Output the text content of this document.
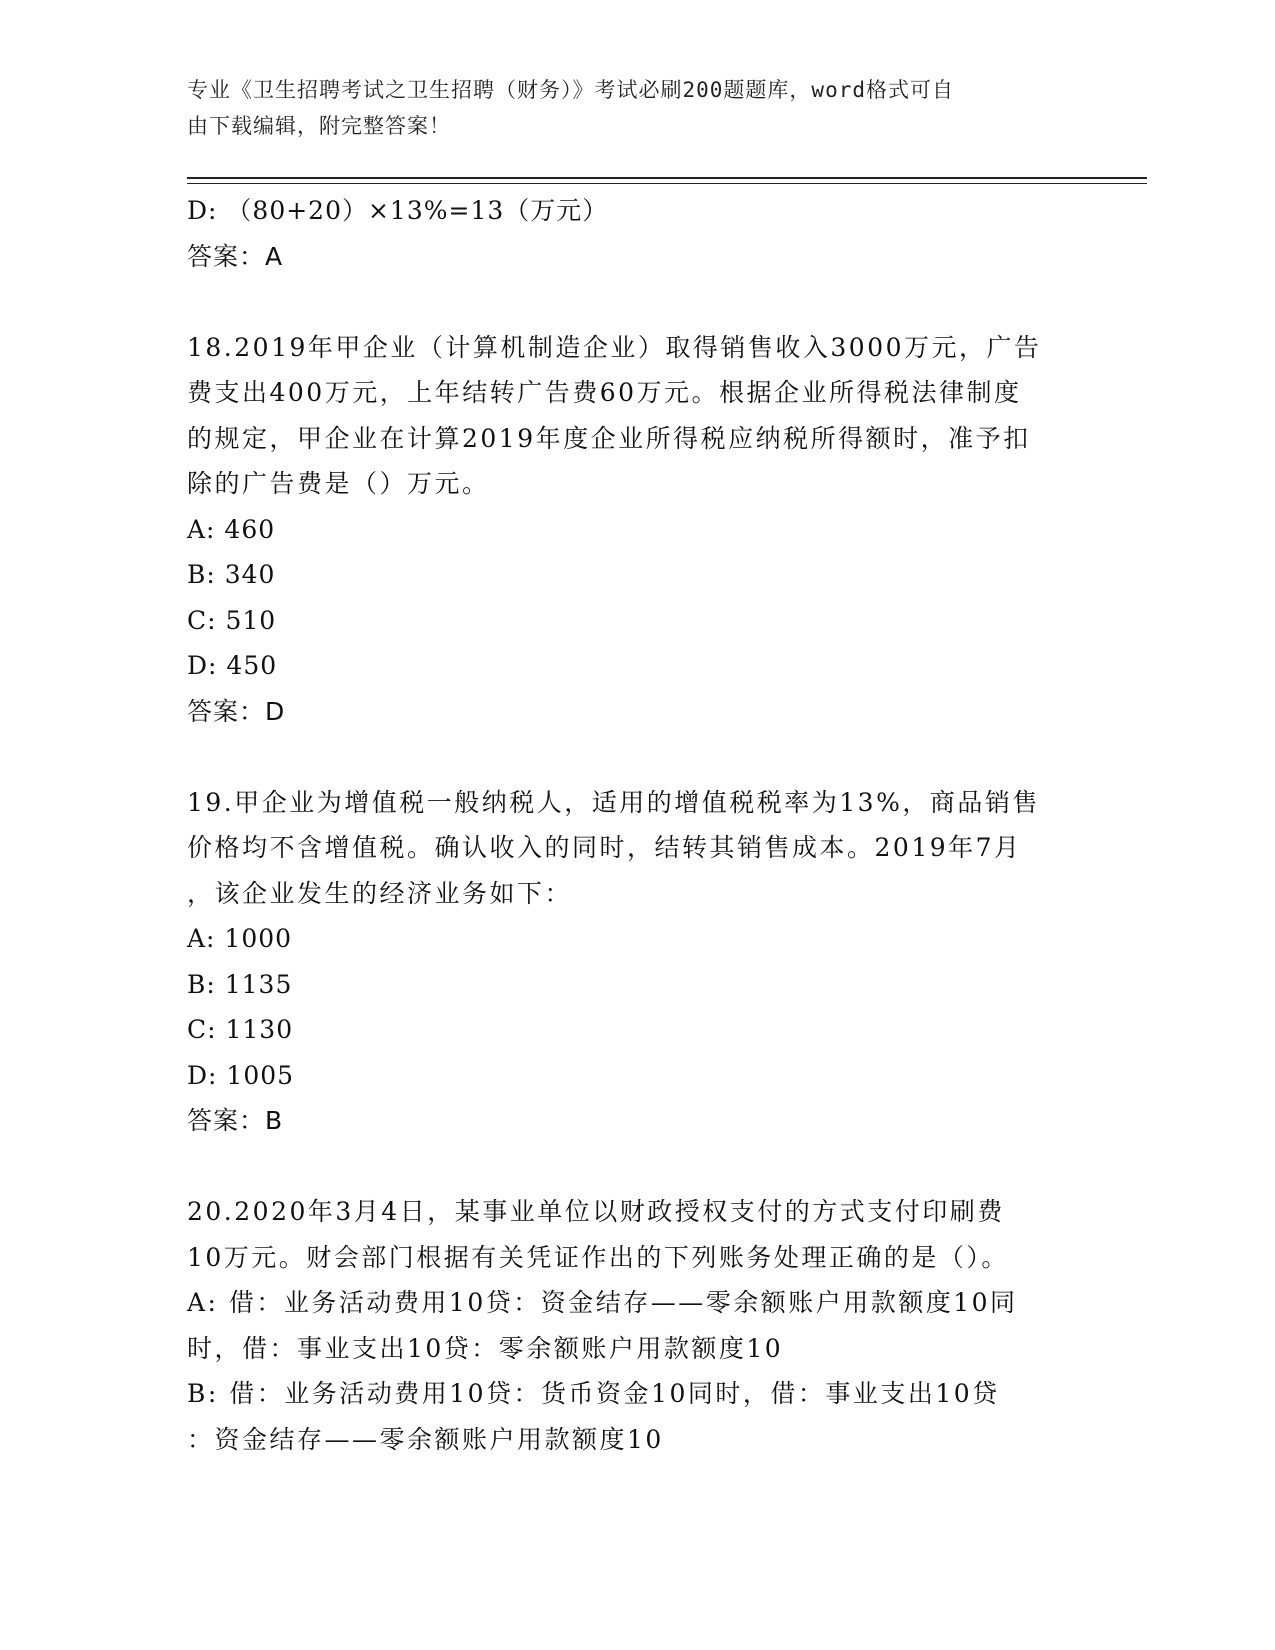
专业《卫生招聘考试之卫生招聘（财务）》考试必刷200题题库，word格式可自
由下载编辑，附完整答案！
D: （80+20）×13%=13（万元）
答案：A
18.2019年甲企业（计算机制造企业）取得销售收入3000万元，广告
费支出400万元，上年结转广告费60万元。根据企业所得税法律制度
的规定，甲企业在计算2019年度企业所得税应纳税所得额时，准予扣
除的广告费是（）万元。
A: 460
B: 340
C: 510
D: 450
答案：D
19.甲企业为增值税一般纳税人，适用的增值税税率为13%，商品销售
价格均不含增值税。确认收入的同时，结转其销售成本。2019年7月
，该企业发生的经济业务如下：
A: 1000
B: 1135
C: 1130
D: 1005
答案：B
20.2020年3月4日，某事业单位以财政授权支付的方式支付印刷费
10万元。财会部门根据有关凭证作出的下列账务处理正确的是（）。
A: 借：业务活动费用10贷：资金结存——零余额账户用款额度10同
时，借：事业支出10贷：零余额账户用款额度10
B: 借：业务活动费用10贷：货币资金10同时，借：事业支出10贷
：资金结存——零余额账户用款额度10
